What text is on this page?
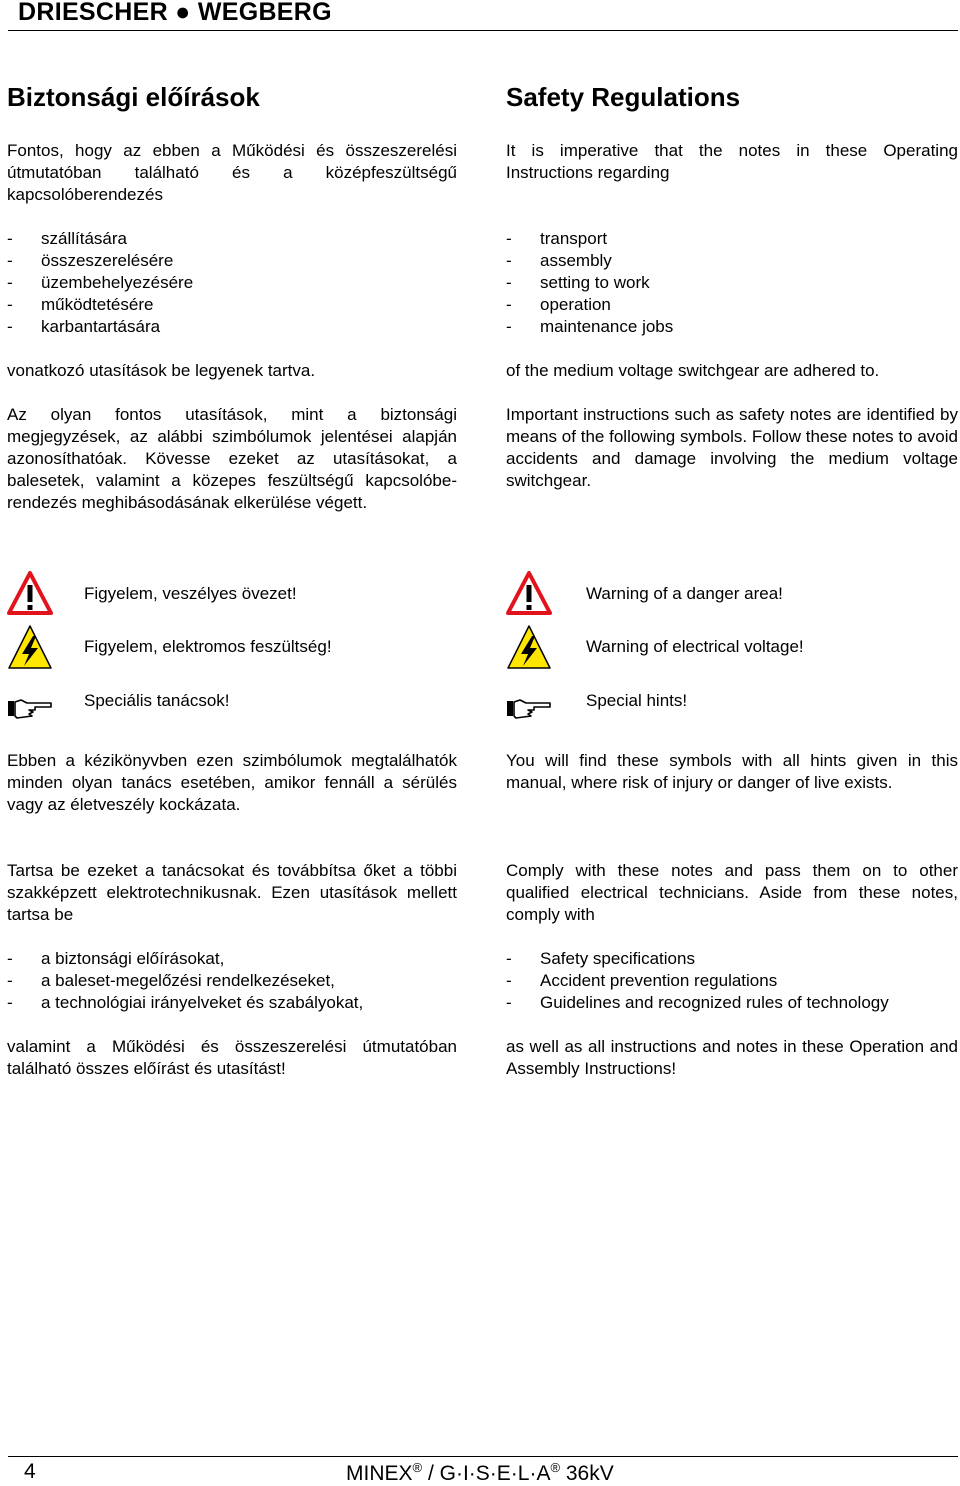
DRIESCHER ● WEGBERG
Biztonsági előírások

Fontos, hogy az ebben a Működési és összeszerelési útmutatóban található és a középfeszültségű kapcsolóberendezés

- szállítására
- összeszerelésére
- üzembehelyezésére
- működtetésére
- karbantartására

vonatkozó utasítások be legyenek tartva.

Az olyan fontos utasítások, mint a biztonsági megjegyzések, az alábbi szimbólumok jelentései alapján azonosíthatóak. Kövesse ezeket az utasításokat, a balesetek, valamint a közepes feszültségű kapcsolóbe-rendezés meghibásodásának elkerülése végett.

Figyelem, veszélyes övezet!
Figyelem, elektromos feszültség!
Speciális tanácsok!

Ebben a kézikönyvben ezen szimbólumok megtalálhatók minden olyan tanács esetében, amikor fennáll a sérülés vagy az életveszély kockázata.

Tartsa be ezeket a tanácsokat és továbbítsa őket a többi szakképzett elektrotechnikusnak. Ezen utasítások mellett tartsa be

- a biztonsági előírásokat,
- a baleset-megelőzési rendelkezéseket,
- a technológiai irányelveket és szabályokat,

valamint a Működési és összeszerelési útmutatóban található összes előírást és utasítást!

Safety Regulations

It is imperative that the notes in these Operating Instructions regarding

- transport
- assembly
- setting to work
- operation
- maintenance jobs

of the medium voltage switchgear are adhered to.

Important instructions such as safety notes are identified by means of the following symbols. Follow these notes to avoid accidents and damage involving the medium voltage switchgear.

Warning of a danger area!
Warning of electrical voltage!
Special hints!

You will find these symbols with all hints given in this manual, where risk of injury or danger of live exists.

Comply with these notes and pass them on to other qualified electrical technicians. Aside from these notes, comply with

- Safety specifications
- Accident prevention regulations
- Guidelines and recognized rules of technology

as well as all instructions and notes in these Operation and Assembly Instructions!

4	MINEX® / G·I·S·E·L·A® 36kV
